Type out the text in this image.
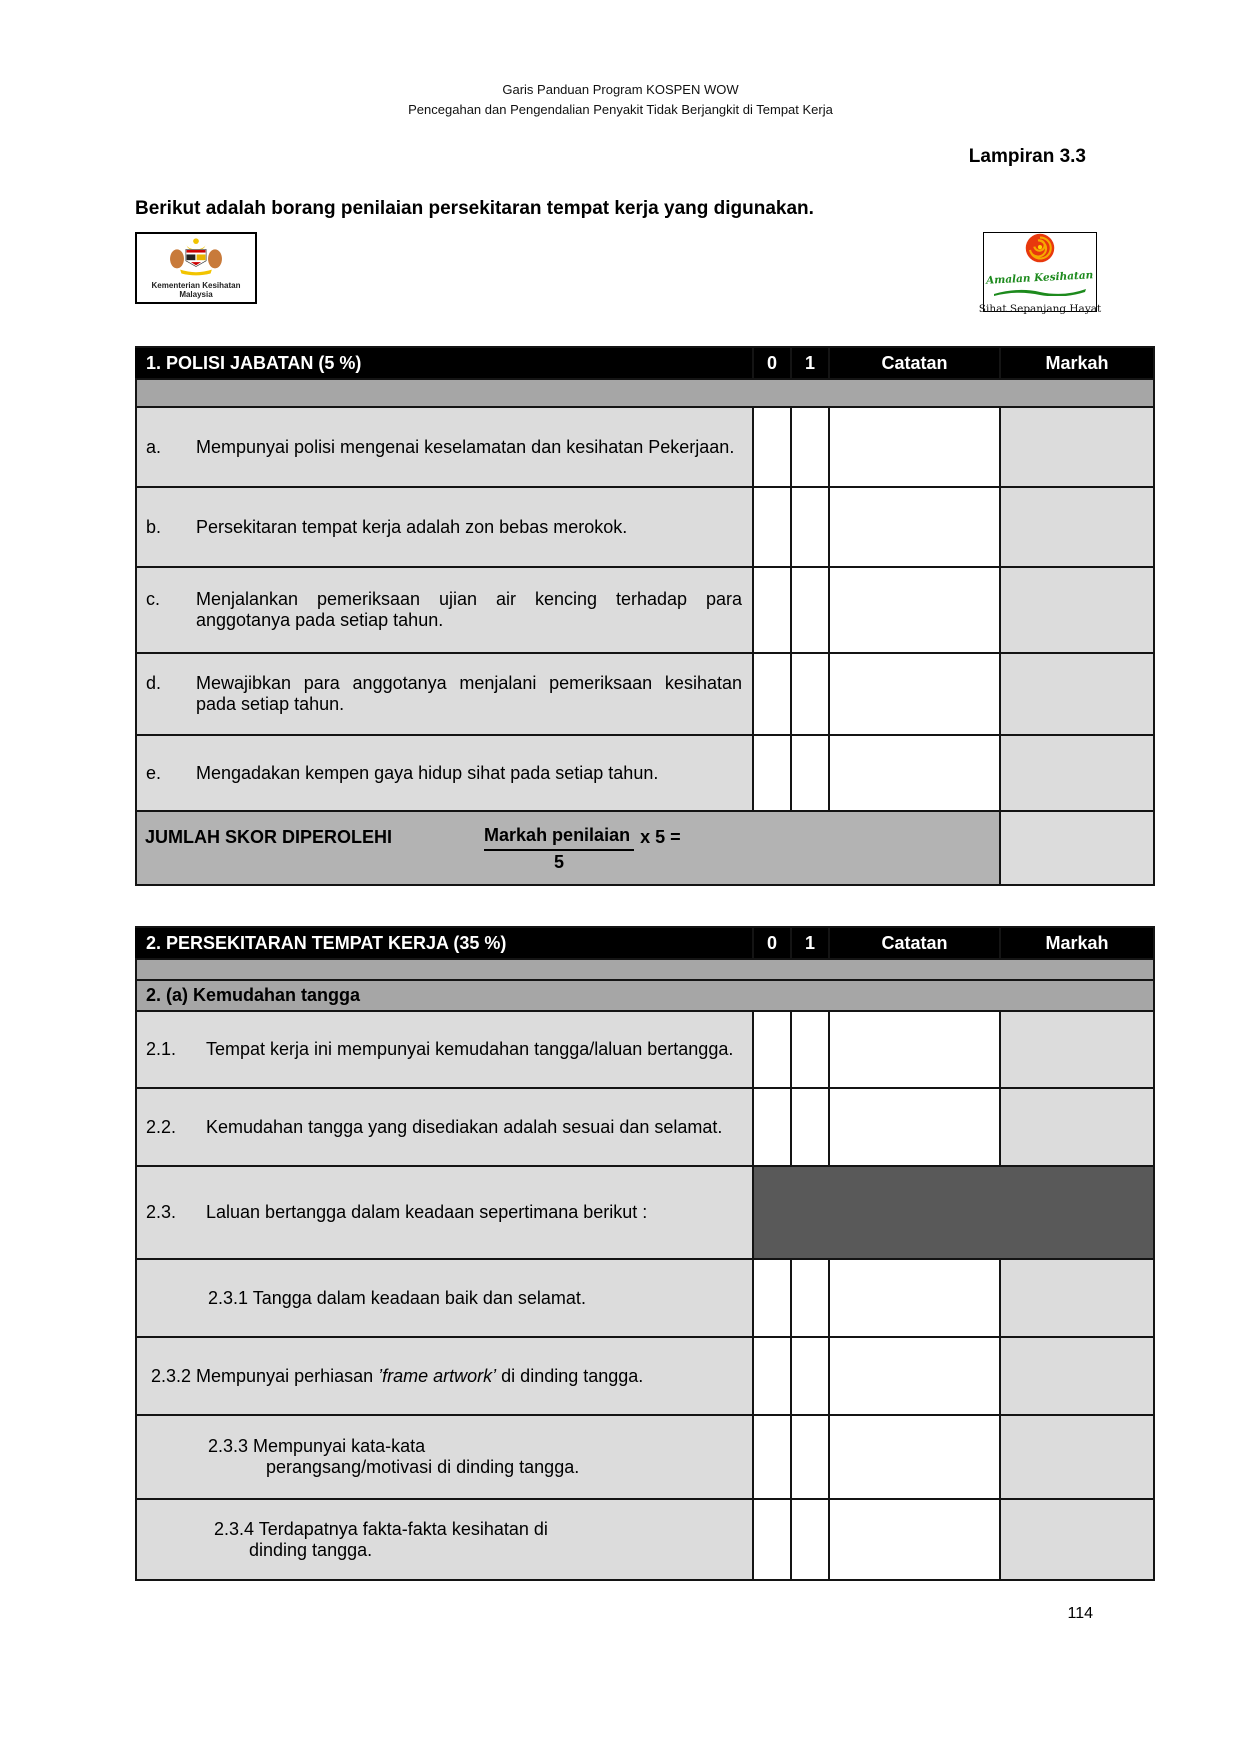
Garis Panduan Program KOSPEN WOW
Pencegahan dan Pengendalian Penyakit Tidak Berjangkit di Tempat Kerja
Lampiran 3.3
Berikut adalah borang penilaian persekitaran tempat kerja yang digunakan.
Kementerian Kesihatan
Malaysia
Amalan Kesihatan
Sihat Sepanjang Hayat
1. POLISI JABATAN (5 %)	0	1	Catatan	Markah

a. Mempunyai polisi mengenai keselamatan dan kesihatan Pekerjaan.				

b. Persekitaran tempat kerja adalah zon bebas merokok.				

c. Menjalankan pemeriksaan ujian air kencing terhadap para anggotanya pada setiap tahun.				

d. Mewajibkan para anggotanya menjalani pemeriksaan kesihatan pada setiap tahun.				

e. Mengadakan kempen gaya hidup sihat pada setiap tahun.				

JUMLAH SKOR DIPEROLEHI $\frac{\text{Markah penilaian}}{5}$ x 5 =				

2. PERSEKITARAN TEMPAT KERJA (35 %)	0	1	Catatan	Markah

2. (a) Kemudahan tangga				

2.1. Tempat kerja ini mempunyai kemudahan tangga/laluan bertangga.				

2.2. Kemudahan tangga yang disediakan adalah sesuai dan selamat.				

2.3. Laluan bertangga dalam keadaan sepertimana berikut :				

2.3.1 Tangga dalam keadaan baik dan selamat.				

2.3.2 Mempunyai perhiasan ’frame artwork’ di dinding tangga.				

2.3.3 Mempunyai kata-kata
perangsang/motivasi di dinding tangga.				

2.3.4 Terdapatnya fakta-fakta kesihatan di
dinding tangga.				

114
